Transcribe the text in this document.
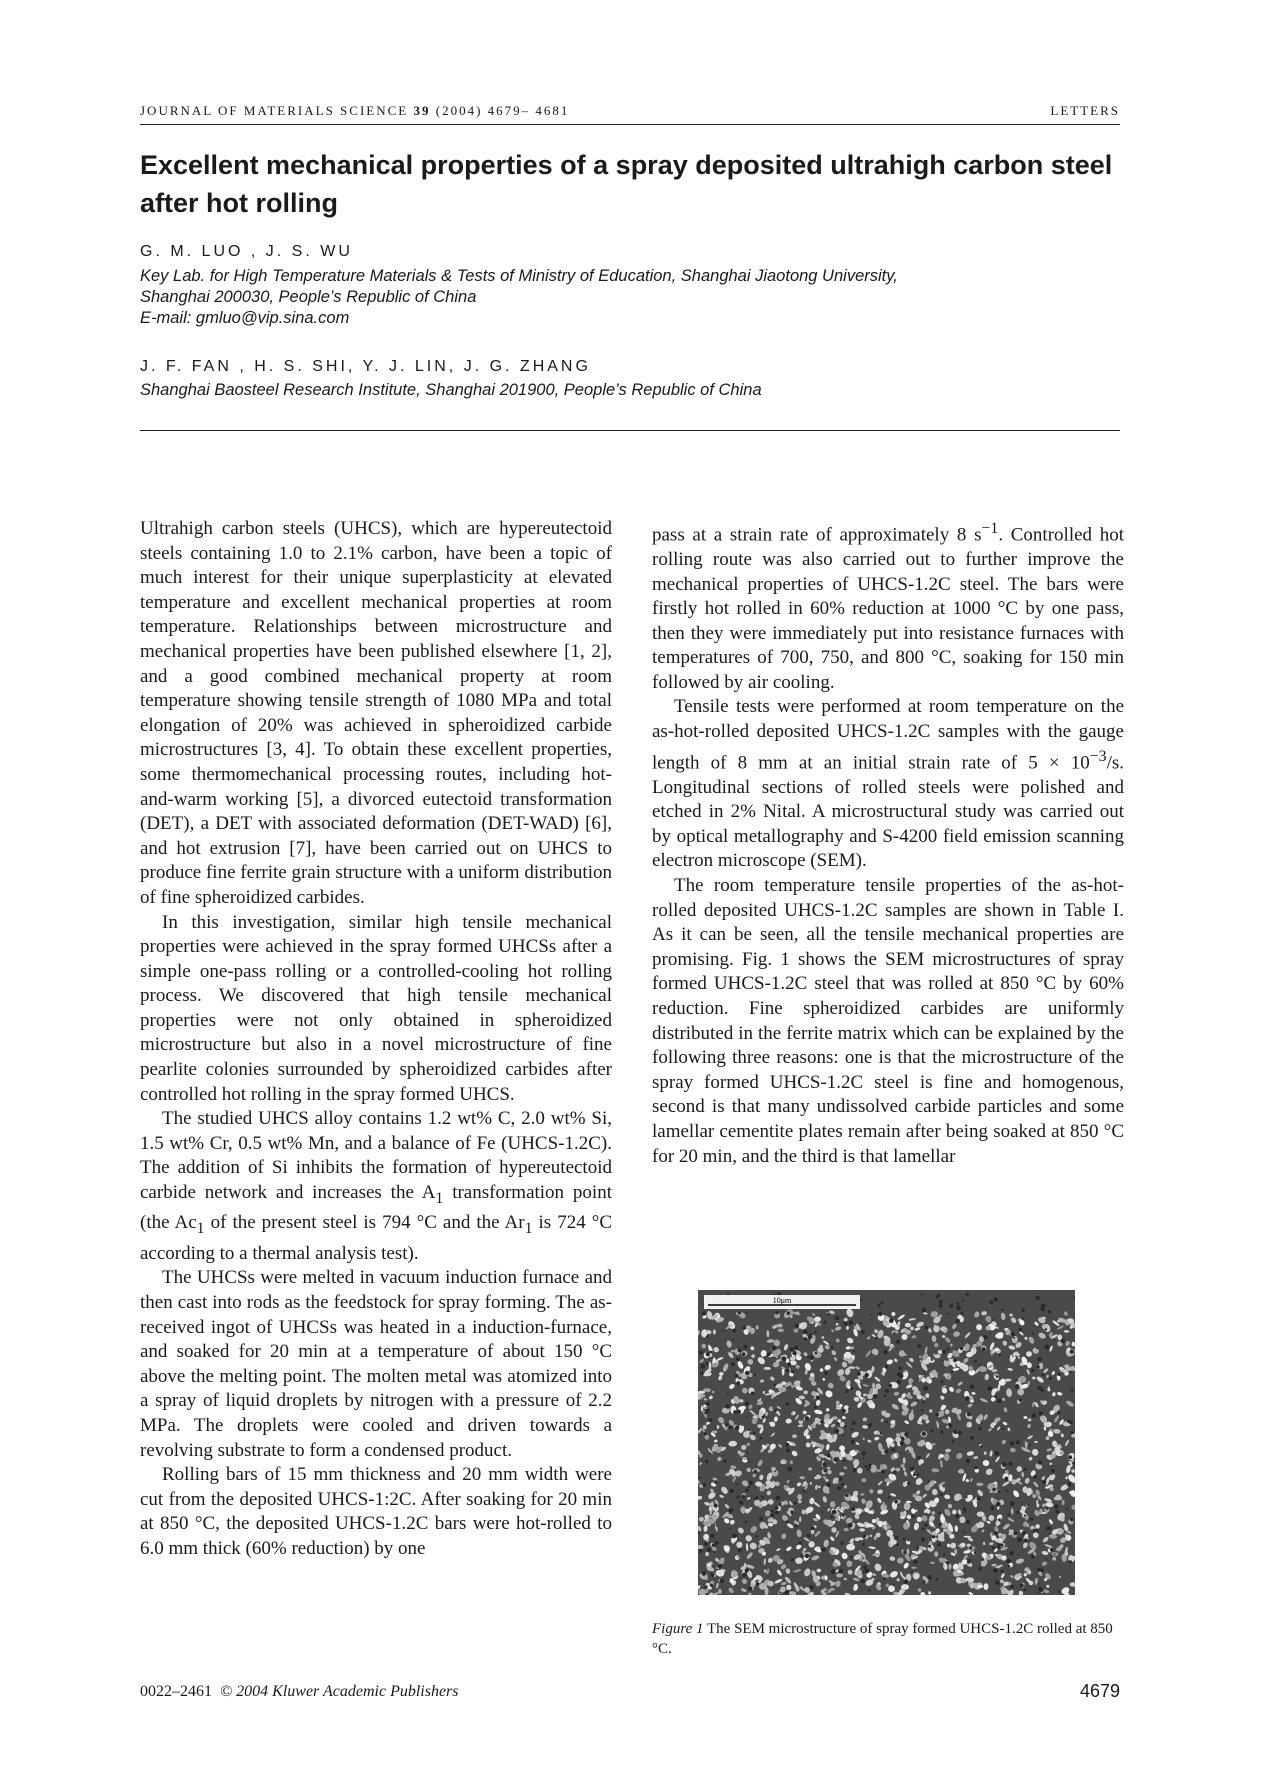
JOURNAL OF MATERIALS SCIENCE 39 (2004) 4679– 4681	LETTERS
Excellent mechanical properties of a spray deposited ultrahigh carbon steel after hot rolling
G. M. LUO , J. S. WU
Key Lab. for High Temperature Materials & Tests of Ministry of Education, Shanghai Jiaotong University,
Shanghai 200030, People’s Republic of China
E-mail: gmluo@vip.sina.com
J. F. FAN , H. S. SHI, Y. J. LIN, J. G. ZHANG
Shanghai Baosteel Research Institute, Shanghai 201900, People’s Republic of China

Ultrahigh carbon steels (UHCS), which are hypereutectoid steels containing 1.0 to 2.1% carbon, have been a topic of much interest for their unique superplasticity at elevated temperature and excellent mechanical properties at room temperature. Relationships between microstructure and mechanical properties have been published elsewhere [1, 2], and a good combined mechanical property at room temperature showing tensile strength of 1080 MPa and total elongation of 20% was achieved in spheroidized carbide microstructures [3, 4]. To obtain these excellent properties, some thermomechanical processing routes, including hot-and-warm working [5], a divorced eutectoid transformation (DET), a DET with associated deformation (DET-WAD) [6], and hot extrusion [7], have been carried out on UHCS to produce fine ferrite grain structure with a uniform distribution of fine spheroidized carbides.

In this investigation, similar high tensile mechanical properties were achieved in the spray formed UHCSs after a simple one-pass rolling or a controlled-cooling hot rolling process. We discovered that high tensile mechanical properties were not only obtained in spheroidized microstructure but also in a novel microstructure of fine pearlite colonies surrounded by spheroidized carbides after controlled hot rolling in the spray formed UHCS.

The studied UHCS alloy contains 1.2 wt% C, 2.0 wt% Si, 1.5 wt% Cr, 0.5 wt% Mn, and a balance of Fe (UHCS-1.2C). The addition of Si inhibits the formation of hypereutectoid carbide network and increases the $A_1$ transformation point (the $Ac_1$ of the present steel is 794 °C and the $Ar_1$ is 724 °C according to a thermal analysis test).

The UHCSs were melted in vacuum induction furnace and then cast into rods as the feedstock for spray forming. The as-received ingot of UHCSs was heated in a induction-furnace, and soaked for 20 min at a temperature of about 150 °C above the melting point. The molten metal was atomized into a spray of liquid droplets by nitrogen with a pressure of 2.2 MPa. The droplets were cooled and driven towards a revolving substrate to form a condensed product.

Rolling bars of 15 mm thickness and 20 mm width were cut from the deposited UHCS-1:2C. After soaking for 20 min at 850 °C, the deposited UHCS-1.2C bars were hot-rolled to 6.0 mm thick (60% reduction) by one

pass at a strain rate of approximately 8 $s^{-1}$. Controlled hot rolling route was also carried out to further improve the mechanical properties of UHCS-1.2C steel. The bars were firstly hot rolled in 60% reduction at 1000 °C by one pass, then they were immediately put into resistance furnaces with temperatures of 700, 750, and 800 °C, soaking for 150 min followed by air cooling.

Tensile tests were performed at room temperature on the as-hot-rolled deposited UHCS-1.2C samples with the gauge length of 8 mm at an initial strain rate of $5 \times 10^{-3}/s$. Longitudinal sections of rolled steels were polished and etched in 2% Nital. A microstructural study was carried out by optical metallography and S-4200 field emission scanning electron microscope (SEM).

The room temperature tensile properties of the as-hot-rolled deposited UHCS-1.2C samples are shown in Table I. As it can be seen, all the tensile mechanical properties are promising. Fig. 1 shows the SEM microstructures of spray formed UHCS-1.2C steel that was rolled at 850 °C by 60% reduction. Fine spheroidized carbides are uniformly distributed in the ferrite matrix which can be explained by the following three reasons: one is that the microstructure of the spray formed UHCS-1.2C steel is fine and homogenous, second is that many undissolved carbide particles and some lamellar cementite plates remain after being soaked at 850 °C for 20 min, and the third is that lamellar

10μm
Figure 1 The SEM microstructure of spray formed UHCS-1.2C rolled at 850 °C.
0022–2461 © 2004 Kluwer Academic Publishers	4679
